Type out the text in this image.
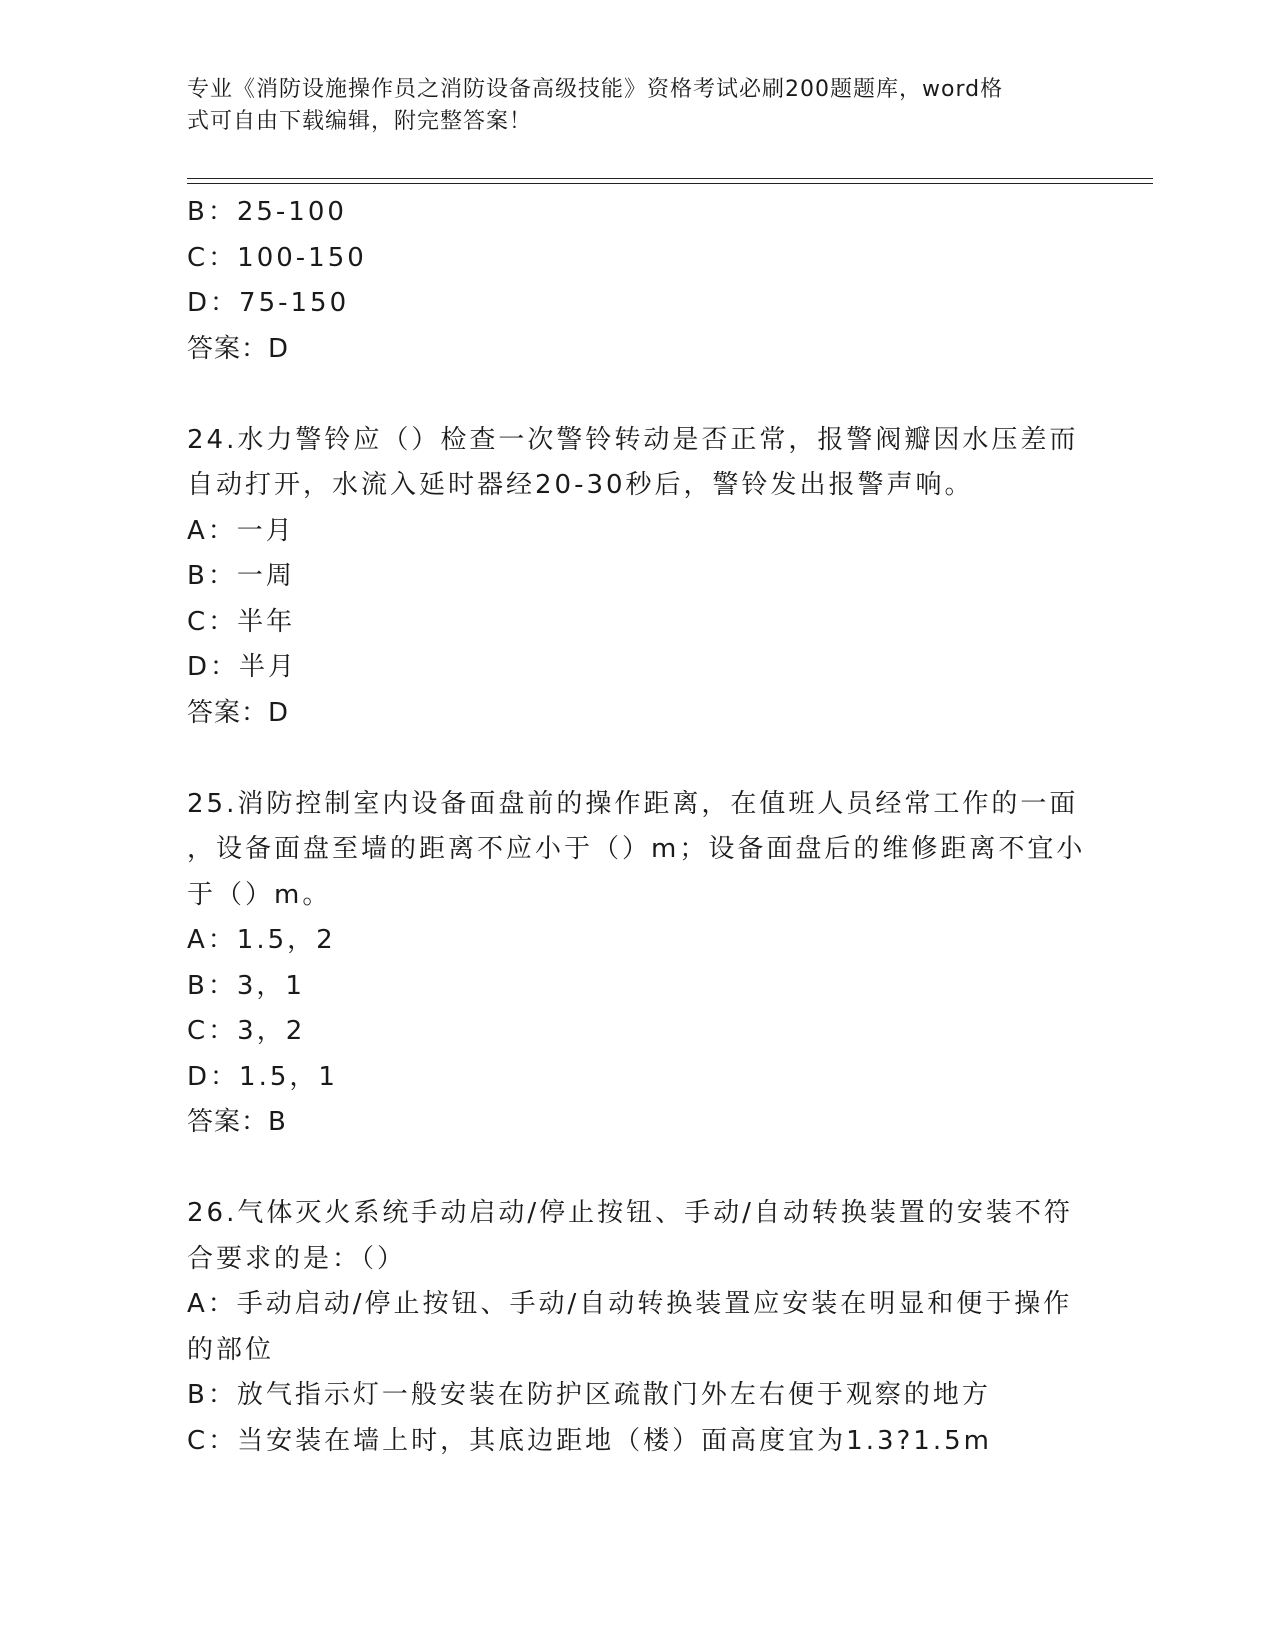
专业《消防设施操作员之消防设备高级技能》资格考试必刷200题题库，word格
式可自由下载编辑，附完整答案！
B：25-100
C：100-150
D：75-150
答案：D
24.水力警铃应（）检查一次警铃转动是否正常，报警阀瓣因水压差而
自动打开，水流入延时器经20-30秒后，警铃发出报警声响。
A：一月
B：一周
C：半年
D：半月
答案：D
25.消防控制室内设备面盘前的操作距离，在值班人员经常工作的一面
，设备面盘至墙的距离不应小于（）m；设备面盘后的维修距离不宜小
于（）m。
A：1.5，2
B：3，1
C：3，2
D：1.5，1
答案：B
26.气体灭火系统手动启动/停止按钮、手动/自动转换装置的安装不符
合要求的是：（）
A：手动启动/停止按钮、手动/自动转换装置应安装在明显和便于操作
的部位
B：放气指示灯一般安装在防护区疏散门外左右便于观察的地方
C：当安装在墙上时，其底边距地（楼）面高度宜为1.3?1.5m
